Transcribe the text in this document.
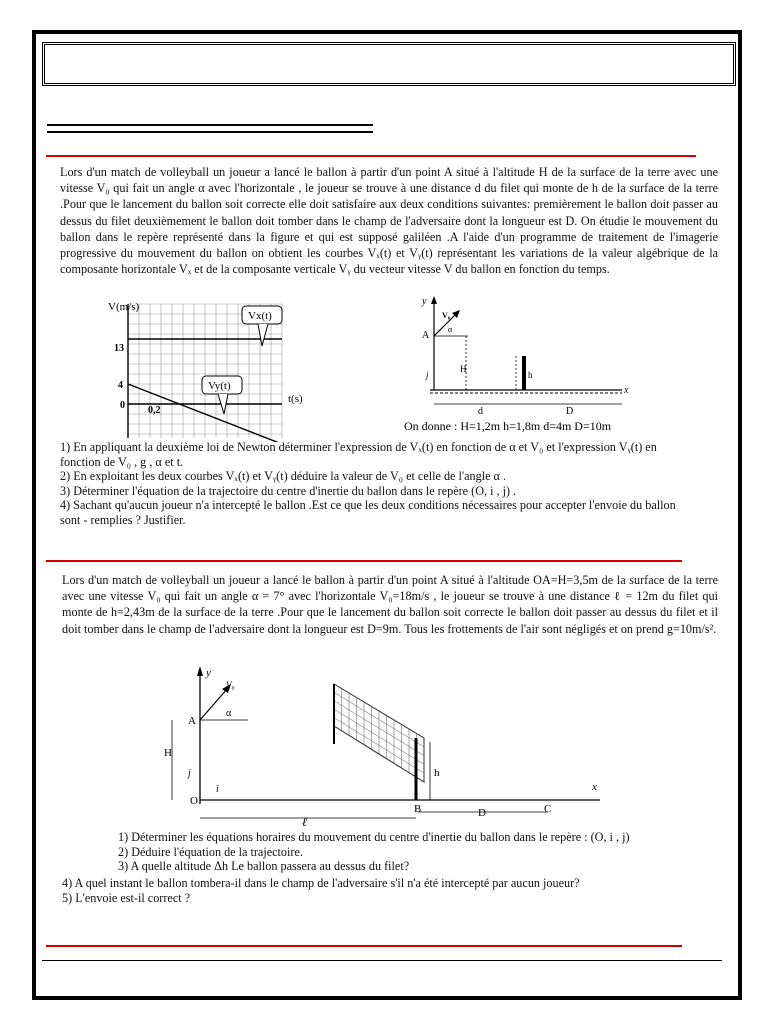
Lors d'un match de volleyball un joueur a lancé le ballon à partir d'un point A situé à l'altitude H de la surface de la terre avec une vitesse V₀ qui fait un angle α avec l'horizontale , le joueur se trouve à une distance d du filet qui monte de h de la surface de la terre .Pour que le lancement du ballon soit correcte elle doit satisfaire aux deux conditions suivantes: premièrement le ballon doit passer au dessus du filet deuxièmement le ballon doit tomber dans le champ de l'adversaire dont la longueur est D. On étudie le mouvement du ballon dans le repère représenté dans la figure et qui est supposé galiléen .A l'aide d'un programme de traitement de l'imagerie progressive du mouvement du ballon on obtient les courbes Vₓ(t) et Vᵧ(t) représentant les variations de la valeur algébrique de la composante horizontale Vₓ et de la composante verticale Vᵧ du vecteur vitesse V du ballon en fonction du temps.
V(m/s)
t(s)
13
4
0 0,2
Vx(t)
Vy(t)
y
x
A
V₀
α
H
h
j
d	D
On donne : H=1,2m h=1,8m d=4m D=10m
1) En appliquant la deuxième loi de Newton déterminer l'expression de Vₓ(t) en fonction de α et V₀ et l'expression Vᵧ(t) en
fonction de V₀ , g , α et t.
2) En exploitant les deux courbes Vₓ(t) et Vᵧ(t) déduire la valeur de V₀ et celle de l'angle α .
3) Déterminer l'équation de la trajectoire du centre d'inertie du ballon dans le repère (O, i , j) .
4) Sachant qu'aucun joueur n'a intercepté le ballon .Est ce que les deux conditions nécessaires pour accepter l'envoie du ballon
sont - remplies ? Justifier.
Lors d'un match de volleyball un joueur a lancé le ballon à partir d'un point A situé à l'altitude OA=H=3,5m de la surface de la terre avec une vitesse V₀ qui fait un angle α = 7° avec l'horizontale V₀=18m/s , le joueur se trouve à une distance ℓ = 12m du filet qui monte de h=2,43m de la surface de la terre .Pour que le lancement du ballon soit correcte le ballon doit passer au dessus du filet et il doit tomber dans le champ de l'adversaire dont la longueur est D=9m. Tous les frottements de l'air sont négligés et on prend g=10m/s².
y
x
O
A
V₀
α
H
j
i
h
B	C
D
ℓ
1) Déterminer les équations horaires du mouvement du centre d'inertie du ballon dans le repère : (O, i , j)
2) Déduire l'équation de la trajectoire.
3) A quelle altitude Δh Le ballon passera au dessus du filet?
4) A quel instant le ballon tombera-il dans le champ de l'adversaire s'il n'a été intercepté par aucun joueur?
5) L'envoie est-il correct ?
